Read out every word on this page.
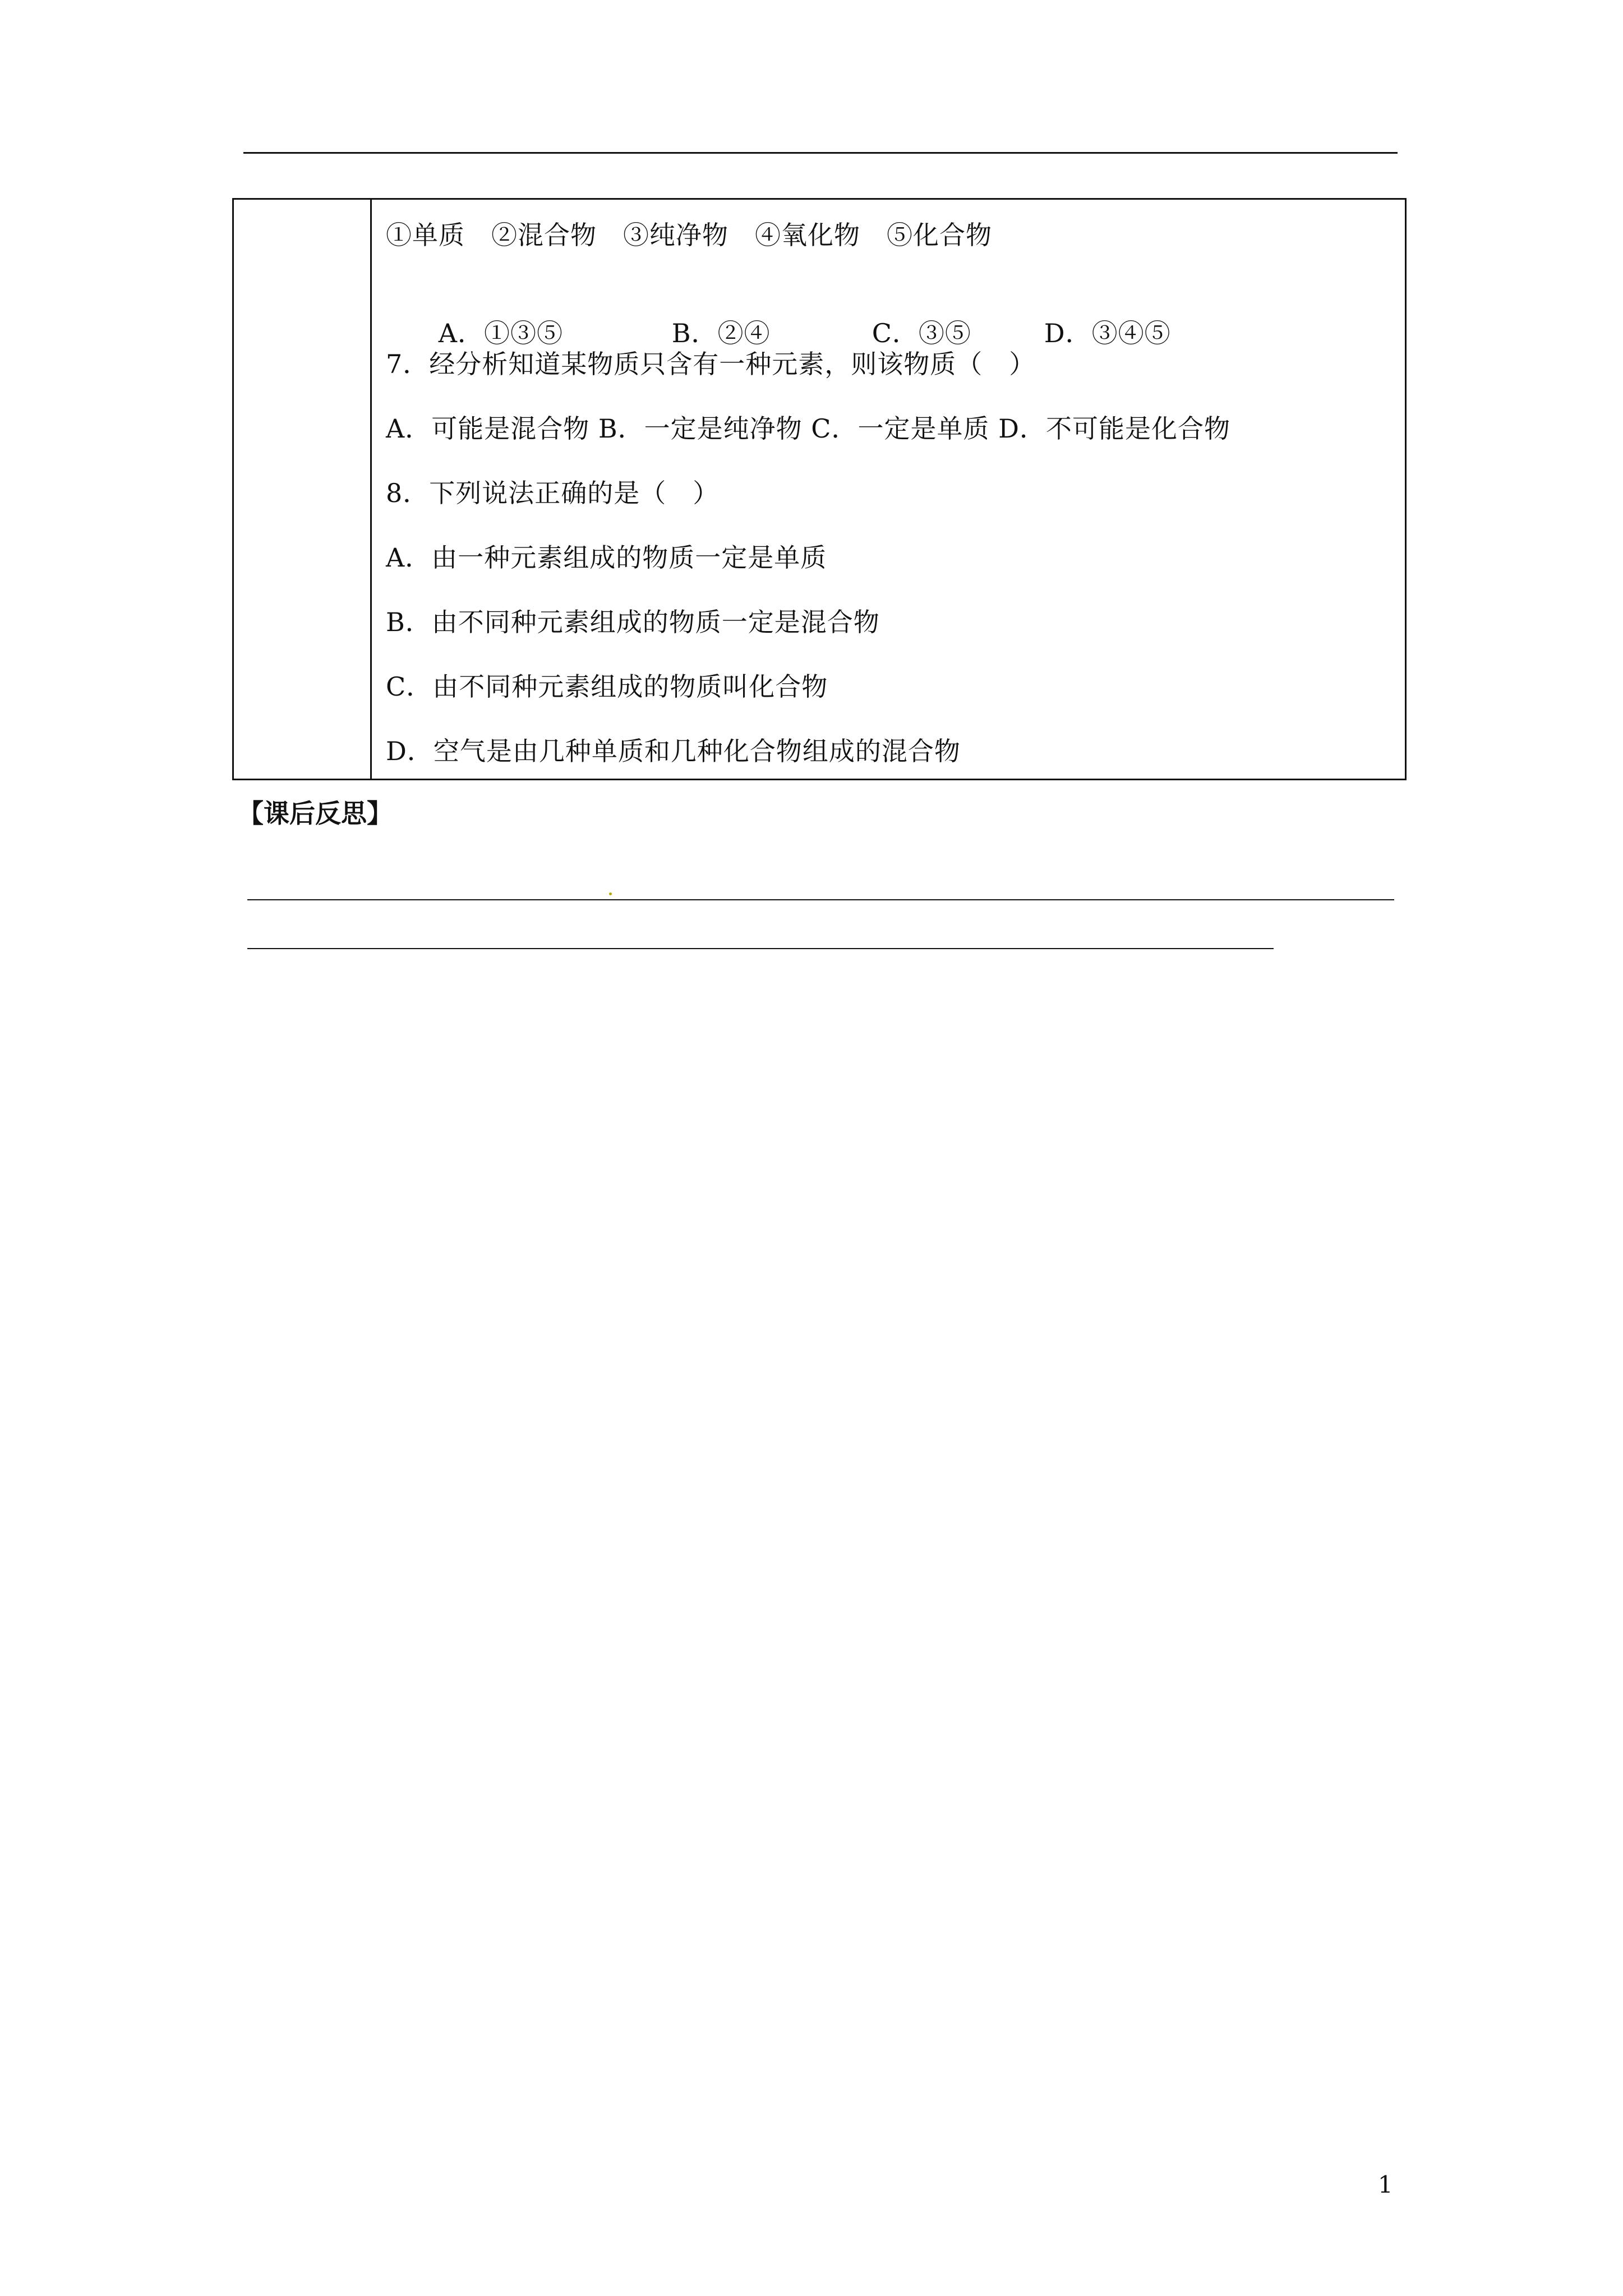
①单质　②混合物　③纯净物　④氧化物　⑤化合物

A．①③⑤	B．②④	C．③⑤	D．③④⑤

7．经分析知道某物质只含有一种元素，则该物质（　）
A．可能是混合物 B．一定是纯净物 C．一定是单质 D．不可能是化合物
8．下列说法正确的是（　）
A．由一种元素组成的物质一定是单质
B．由不同种元素组成的物质一定是混合物
C．由不同种元素组成的物质叫化合物
D．空气是由几种单质和几种化合物组成的混合物
【课后反思】
1
